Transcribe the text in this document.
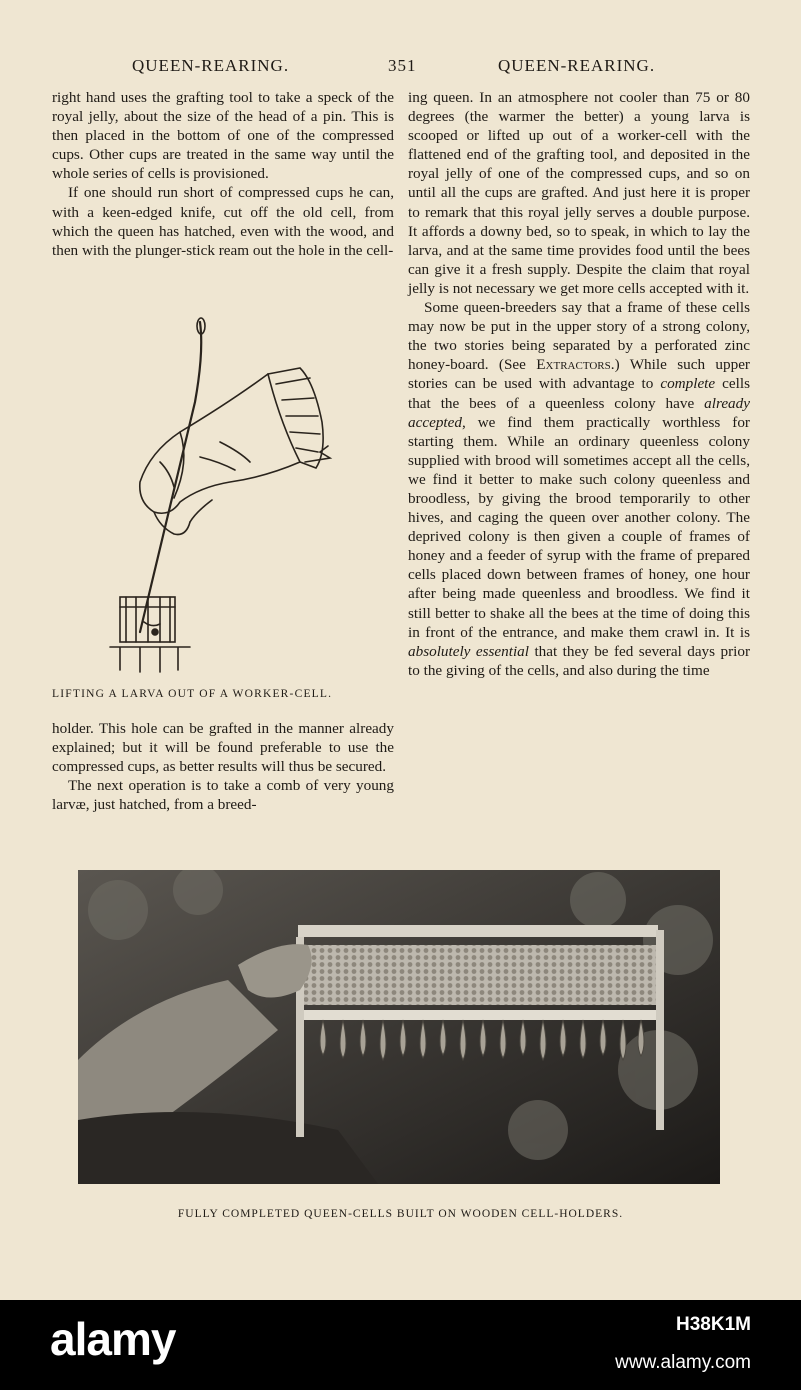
QUEEN-REARING.	351	QUEEN-REARING.

right hand uses the grafting tool to take a speck of the royal jelly, about the size of the head of a pin. This is then placed in the bottom of one of the compressed cups. Other cups are treated in the same way until the whole series of cells is provisioned.

If one should run short of compressed cups he can, with a keen-edged knife, cut off the old cell, from which the queen has hatched, even with the wood, and then with the plunger-stick ream out the hole in the cell-

LIFTING A LARVA OUT OF A WORKER-CELL.

holder. This hole can be grafted in the manner already explained; but it will be found preferable to use the compressed cups, as better results will thus be secured.

The next operation is to take a comb of very young larvæ, just hatched, from a breed-

ing queen. In an atmosphere not cooler than 75 or 80 degrees (the warmer the better) a young larva is scooped or lifted up out of a worker-cell with the flattened end of the grafting tool, and deposited in the royal jelly of one of the compressed cups, and so on until all the cups are grafted. And just here it is proper to remark that this royal jelly serves a double purpose. It affords a downy bed, so to speak, in which to lay the larva, and at the same time provides food until the bees can give it a fresh supply. Despite the claim that royal jelly is not necessary we get more cells accepted with it.

Some queen-breeders say that a frame of these cells may now be put in the upper story of a strong colony, the two stories being separated by a perforated zinc honey-board. (See Extractors.) While such upper stories can be used with advantage to complete cells that the bees of a queenless colony have already accepted, we find them practically worthless for starting them. While an ordinary queenless colony supplied with brood will sometimes accept all the cells, we find it better to make such colony queenless and broodless, by giving the brood temporarily to other hives, and caging the queen over another colony. The deprived colony is then given a couple of frames of honey and a feeder of syrup with the frame of prepared cells placed down between frames of honey, one hour after being made queenless and broodless. We find it still better to shake all the bees at the time of doing this in front of the entrance, and make them crawl in. It is absolutely essential that they be fed several days prior to the giving of the cells, and also during the time

FULLY COMPLETED QUEEN-CELLS BUILT ON WOODEN CELL-HOLDERS.
alamy	H38K1M
www.alamy.com
